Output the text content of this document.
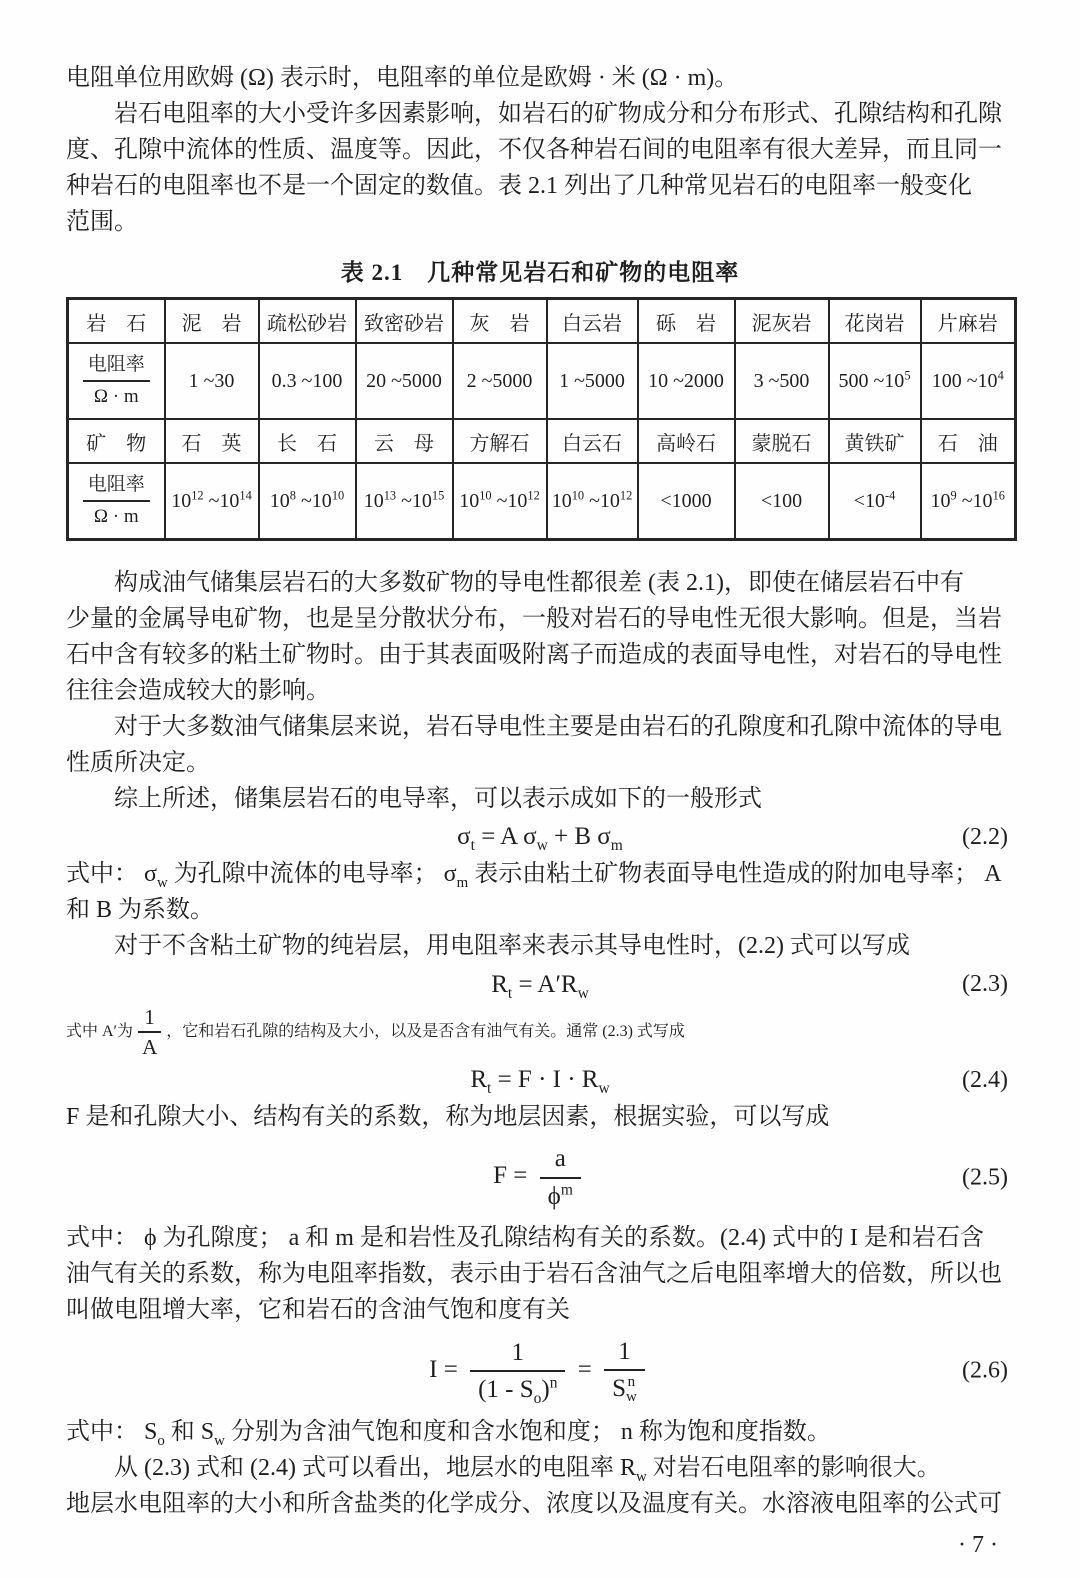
电阻单位用欧姆 (Ω) 表示时，电阻率的单位是欧姆 · 米 (Ω · m)。
　　岩石电阻率的大小受许多因素影响，如岩石的矿物成分和分布形式、孔隙结构和孔隙
度、孔隙中流体的性质、温度等。因此，不仅各种岩石间的电阻率有很大差异，而且同一
种岩石的电阻率也不是一个固定的数值。表 2.1 列出了几种常见岩石的电阻率一般变化
范围。
表 2.1　几种常见岩石和矿物的电阻率
岩　石	泥　岩	疏松砂岩	致密砂岩	灰　岩	白云岩	砾　岩	泥灰岩	花岗岩	片麻岩

电阻率
Ω · m	1 ~30	0.3 ~100	20 ~5000	2 ~5000	1 ~5000	10 ~2000	3 ~500	500 $\sim 10^5$	100 $\sim 10^4$
矿　物	石　英	长　石	云　母	方解石	白云石	高岭石	蒙脱石	黄铁矿	石　油

电阻率
Ω · m	$10^{12}$ $\sim 10^{14}$	$10^8$ $\sim 10^{10}$	$10^{13}$ $\sim 10^{15}$	$10^{10}$ $\sim 10^{12}$	$10^{10}$ $\sim 10^{12}$	<1000	<100	$<10^{-4}$	$10^9$ $\sim 10^{16}$
　　构成油气储集层岩石的大多数矿物的导电性都很差 (表 2.1)，即使在储层岩石中有
少量的金属导电矿物，也是呈分散状分布，一般对岩石的导电性无很大影响。但是，当岩
石中含有较多的粘土矿物时。由于其表面吸附离子而造成的表面导电性，对岩石的导电性
往往会造成较大的影响。
　　对于大多数油气储集层来说，岩石导电性主要是由岩石的孔隙度和孔隙中流体的导电
性质所决定。
　　综上所述，储集层岩石的电导率，可以表示成如下的一般形式
$\sigma_t = A$ $\sigma_w + B$ $\sigma_m$	(2.2)
式中： $\sigma_w$ 为孔隙中流体的电导率； $\sigma_m$ 表示由粘土矿物表面导电性造成的附加电导率； A
和 B 为系数。
　　对于不含粘土矿物的纯岩层，用电阻率来表示其导电性时，(2.2) 式可以写成
$R_t = A'R_w$	(2.3)
式中 A′为 $\frac{1}{A}$ ，它和岩石孔隙的结构及大小，以及是否含有油气有关。通常 (2.3) 式写成
$R_t = F \cdot I \cdot R_w$	(2.4)
F 是和孔隙大小、结构有关的系数，称为地层因素，根据实验，可以写成
$F = \frac{a}{\phi^m}$	(2.5)
式中： ϕ 为孔隙度； a 和 m 是和岩性及孔隙结构有关的系数。(2.4) 式中的 I 是和岩石含
油气有关的系数，称为电阻率指数，表示由于岩石含油气之后电阻率增大的倍数，所以也
叫做电阻增大率，它和岩石的含油气饱和度有关
$I = \frac{1}{(1 - S_o)^n} = 1$
S n
w	(2.6)
式中： $S_o$ 和 $S_w$ 分别为含油气饱和度和含水饱和度； n 称为饱和度指数。
　　从 (2.3) 式和 (2.4) 式可以看出，地层水的电阻率 $R_w$ 对岩石电阻率的影响很大。
地层水电阻率的大小和所含盐类的化学成分、浓度以及温度有关。水溶液电阻率的公式可
· 7 ·
